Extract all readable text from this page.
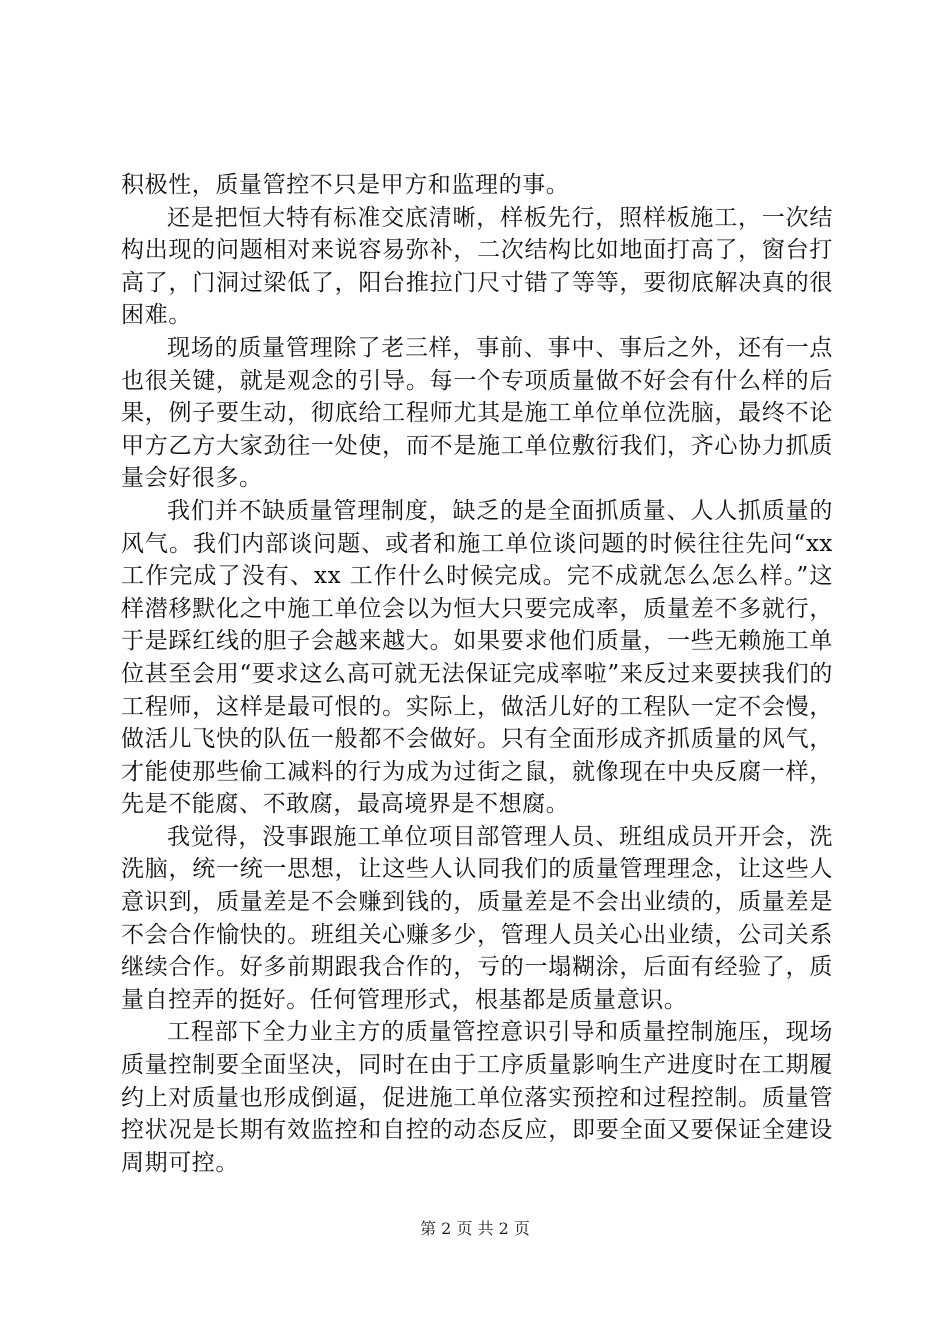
积极性，质量管控不只是甲方和监理的事。

还是把恒大特有标准交底清晰，样板先行，照样板施工，一次结构出现的问题相对来说容易弥补，二次结构比如地面打高了，窗台打高了，门洞过梁低了，阳台推拉门尺寸错了等等，要彻底解决真的很困难。

现场的质量管理除了老三样，事前、事中、事后之外，还有一点也很关键，就是观念的引导。每一个专项质量做不好会有什么样的后果，例子要生动，彻底给工程师尤其是施工单位单位洗脑，最终不论甲方乙方大家劲往一处使，而不是施工单位敷衍我们，齐心协力抓质量会好很多。

我们并不缺质量管理制度，缺乏的是全面抓质量、人人抓质量的风气。我们内部谈问题、或者和施工单位谈问题的时候往往先问“xx 工作完成了没有、xx 工作什么时候完成。完不成就怎么怎么样。”这样潜移默化之中施工单位会以为恒大只要完成率，质量差不多就行，于是踩红线的胆子会越来越大。如果要求他们质量，一些无赖施工单位甚至会用“要求这么高可就无法保证完成率啦”来反过来要挟我们的工程师，这样是最可恨的。实际上，做活儿好的工程队一定不会慢，做活儿飞快的队伍一般都不会做好。只有全面形成齐抓质量的风气，才能使那些偷工减料的行为成为过街之鼠，就像现在中央反腐一样，先是不能腐、不敢腐，最高境界是不想腐。

我觉得，没事跟施工单位项目部管理人员、班组成员开开会，洗洗脑，统一统一思想，让这些人认同我们的质量管理理念，让这些人意识到，质量差是不会赚到钱的，质量差是不会出业绩的，质量差是不会合作愉快的。班组关心赚多少，管理人员关心出业绩，公司关系继续合作。好多前期跟我合作的，亏的一塌糊涂，后面有经验了，质量自控弄的挺好。任何管理形式，根基都是质量意识。

工程部下全力业主方的质量管控意识引导和质量控制施压，现场质量控制要全面坚决，同时在由于工序质量影响生产进度时在工期履约上对质量也形成倒逼，促进施工单位落实预控和过程控制。质量管控状况是长期有效监控和自控的动态反应，即要全面又要保证全建设周期可控。

第 2 页 共 2 页
